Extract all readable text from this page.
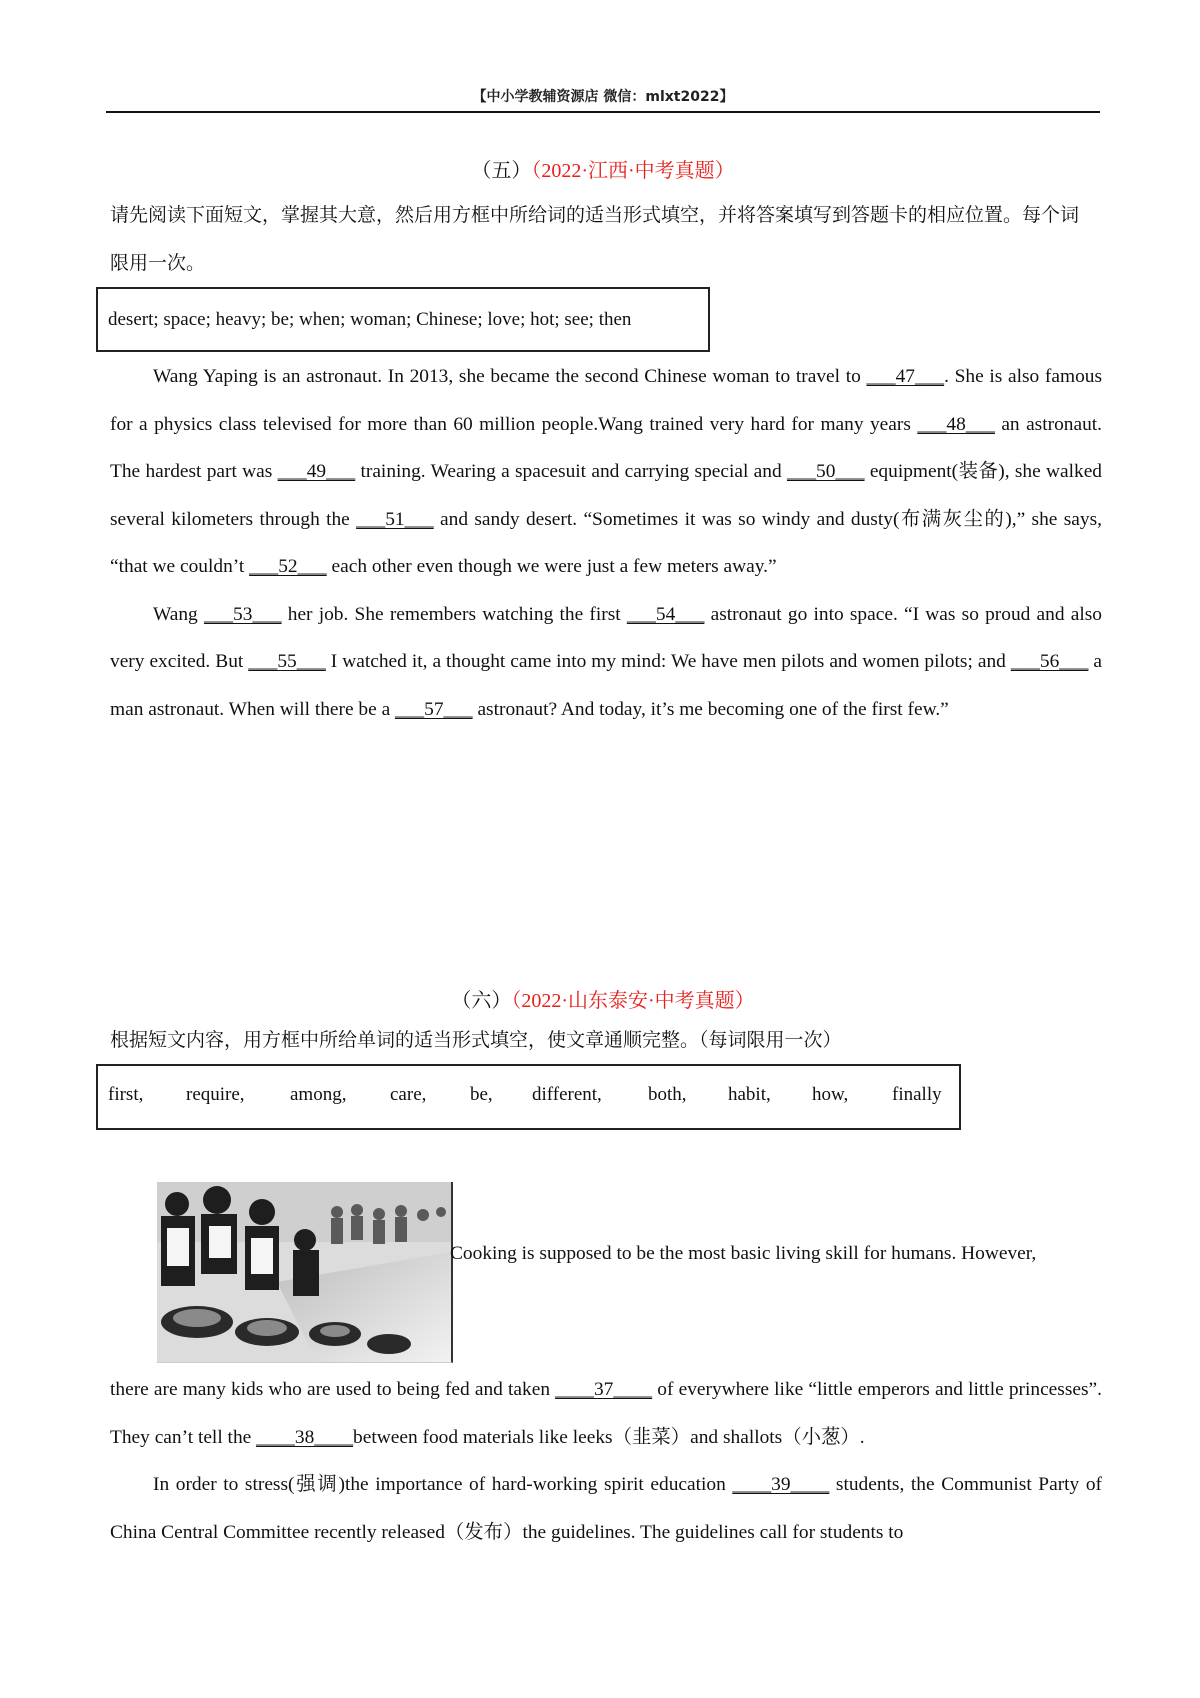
【中小学教辅资源店 微信：mlxt2022】
（五）（2022·江西·中考真题）
请先阅读下面短文，掌握其大意，然后用方框中所给词的适当形式填空，并将答案填写到答题卡的相应位置。每个词限用一次。
desert; space; heavy; be; when; woman; Chinese; love; hot; see; then

Wang Yaping is an astronaut. In 2013, she became the second Chinese woman to travel to ___47___. She is also famous for a physics class televised for more than 60 million people.Wang trained very hard for many years ___48___ an astronaut. The hardest part was ___49___ training. Wearing a spacesuit and carrying special and ___50___ equipment(装备), she walked several kilometers through the ___51___ and sandy desert. “Sometimes it was so windy and dusty(布满灰尘的),” she says, “that we couldn’t ___52___ each other even though we were just a few meters away.”

Wang ___53___ her job. She remembers watching the first ___54___ astronaut go into space. “I was so proud and also very excited. But ___55___ I watched it, a thought came into my mind: We have men pilots and women pilots; and ___56___ a man astronaut. When will there be a ___57___ astronaut? And today, it’s me becoming one of the first few.”

（六）（2022·山东泰安·中考真题）
根据短文内容，用方框中所给单词的适当形式填空，使文章通顺完整。（每词限用一次）
first, require, among, care, be, different, both, habit, how, finally

Cooking is supposed to be the most basic living skill for humans. However,

there are many kids who are used to being fed and taken ____37____ of everywhere like “little emperors and little princesses”. They can’t tell the ____38____between food materials like leeks（韭菜）and shallots（小葱）.

In order to stress(强调)the importance of hard-working spirit education ____39____ students, the Communist Party of China Central Committee recently released（发布）the guidelines. The guidelines call for students to
